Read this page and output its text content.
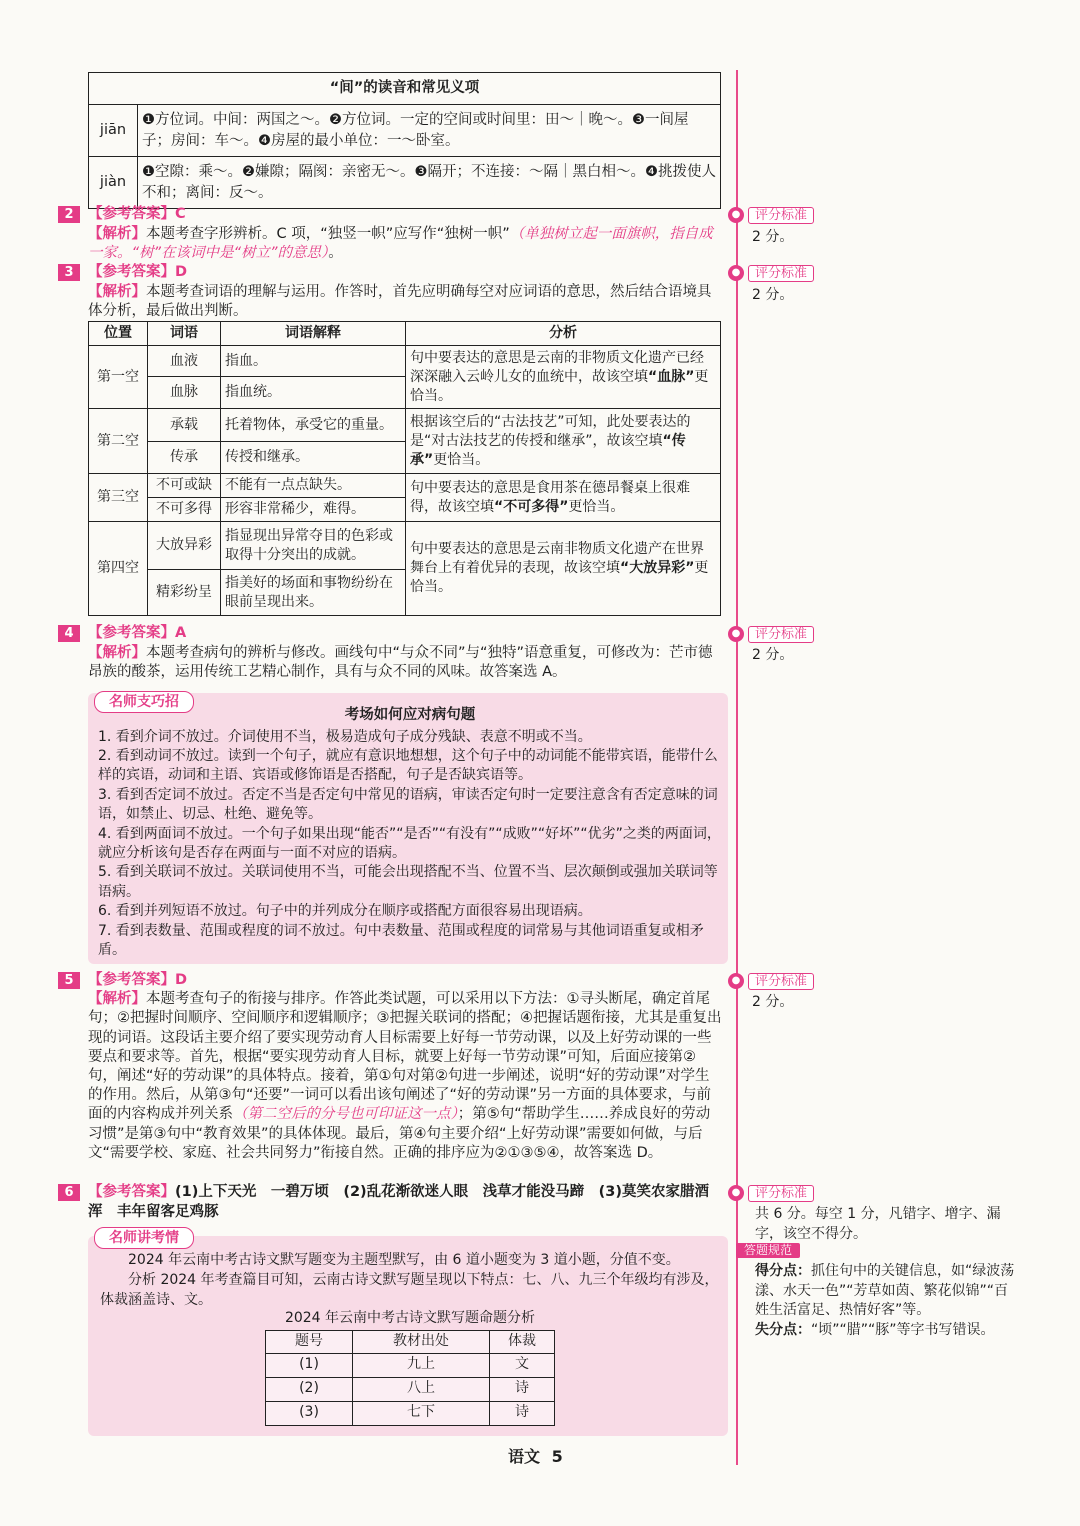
“间”的读音和常见义项	
jiān	❶方位词。中间：两国之～。❷方位词。一定的空间或时间里：田～｜晚～。❸一间屋子；房间：车～。❹房屋的最小单位：一～卧室。
jiàn	❶空隙：乘～。❷嫌隙；隔阂：亲密无～。❸隔开；不连接：～隔｜黑白相～。❹挑拨使人不和；离间：反～。
2 【参考答案】C
【解析】本题考查字形辨析。C 项，“独竖一帜”应写作“独树一帜”（单独树立起一面旗帜，指自成一家。“树”在该词中是“树立”的意思）。
●	评分标准
2 分。
3 【参考答案】D
【解析】本题考查词语的理解与运用。作答时，首先应明确每空对应词语的意思，然后结合语境具体分析，最后做出判断。
●	评分标准
2 分。
位置	词语	词语解释	分析
第一空	血液	指血。	句中要表达的意思是云南的非物质文化遗产已经深深融入云岭儿女的血统中，故该空填“血脉”更恰当。
	血脉	指血统。	
第二空	承载	托着物体，承受它的重量。	根据该空后的“古法技艺”可知，此处要表达的是“对古法技艺的传授和继承”，故该空填“传承”更恰当。
	传承	传授和继承。	
第三空	不可或缺	不能有一点点缺失。	句中要表达的意思是食用茶在德昂餐桌上很难得，故该空填“不可多得”更恰当。
	不可多得	形容非常稀少，难得。	
第四空	大放异彩	指显现出异常夺目的色彩或取得十分突出的成就。	句中要表达的意思是云南非物质文化遗产在世界舞台上有着优异的表现，故该空填“大放异彩”更恰当。
	精彩纷呈	指美好的场面和事物纷纷在眼前呈现出来。	
4 【参考答案】A
【解析】本题考查病句的辨析与修改。画线句中“与众不同”与“独特”语意重复，可修改为：芒市德昂族的酸茶，运用传统工艺精心制作，具有与众不同的风味。故答案选 A。
●	评分标准
2 分。
名师支巧招
考场如何应对病句题
1. 看到介词不放过。介词使用不当，极易造成句子成分残缺、表意不明或不当。
2. 看到动词不放过。读到一个句子，就应有意识地想想，这个句子中的动词能不能带宾语，能带什么样的宾语，动词和主语、宾语或修饰语是否搭配，句子是否缺宾语等。
3. 看到否定词不放过。否定不当是否定句中常见的语病，审读否定句时一定要注意含有否定意味的词语，如禁止、切忌、杜绝、避免等。
4. 看到两面词不放过。一个句子如果出现“能否”“是否”“有没有”“成败”“好坏”“优劣”之类的两面词，就应分析该句是否存在两面与一面不对应的语病。
5. 看到关联词不放过。关联词使用不当，可能会出现搭配不当、位置不当、层次颠倒或强加关联词等语病。
6. 看到并列短语不放过。句子中的并列成分在顺序或搭配方面很容易出现语病。
7. 看到表数量、范围或程度的词不放过。句中表数量、范围或程度的词常易与其他词语重复或相矛盾。
5 【参考答案】D
【解析】本题考查句子的衔接与排序。作答此类试题，可以采用以下方法：①寻头断尾，确定首尾句；②把握时间顺序、空间顺序和逻辑顺序；③把握关联词的搭配；④把握话题衔接，尤其是重复出现的词语。这段话主要介绍了要实现劳动育人目标需要上好每一节劳动课，以及上好劳动课的一些要点和要求等。首先，根据“要实现劳动育人目标，就要上好每一节劳动课”可知，后面应接第②句，阐述“好的劳动课”的具体特点。接着，第①句对第②句进一步阐述，说明“好的劳动课”对学生的作用。然后，从第③句“还要”一词可以看出该句阐述了“好的劳动课”另一方面的具体要求，与前面的内容构成并列关系（第二空后的分号也可印证这一点）；第⑤句“帮助学生……养成良好的劳动习惯”是第③句中“教育效果”的具体体现。最后，第④句主要介绍“上好劳动课”需要如何做，与后文“需要学校、家庭、社会共同努力”衔接自然。正确的排序应为②①③⑤④，故答案选 D。
●	评分标准
2 分。
6 【参考答案】(1)上下天光　一碧万顷　(2)乱花渐欲迷人眼　浅草才能没马蹄　(3)莫笑农家腊酒浑　丰年留客足鸡豚
●	评分标准
共 6 分。每空 1 分，凡错字、增字、漏字，该空不得分。
答题规范
得分点：抓住句中的关键信息，如“绿波荡漾、水天一色”“芳草如茵、繁花似锦”“百姓生活富足、热情好客”等。
失分点：“顷”“腊”“豚”等字书写错误。
名师讲考情
2024 年云南中考古诗文默写题变为主题型默写，由 6 道小题变为 3 道小题，分值不变。
分析 2024 年考查篇目可知，云南古诗文默写题呈现以下特点：七、八、九三个年级均有涉及，体裁涵盖诗、文。
2024 年云南中考古诗文默写题命题分析
题号	教材出处	体裁
(1)	九上	文
(2)	八上	诗
(3)	七下	诗
语文 5
